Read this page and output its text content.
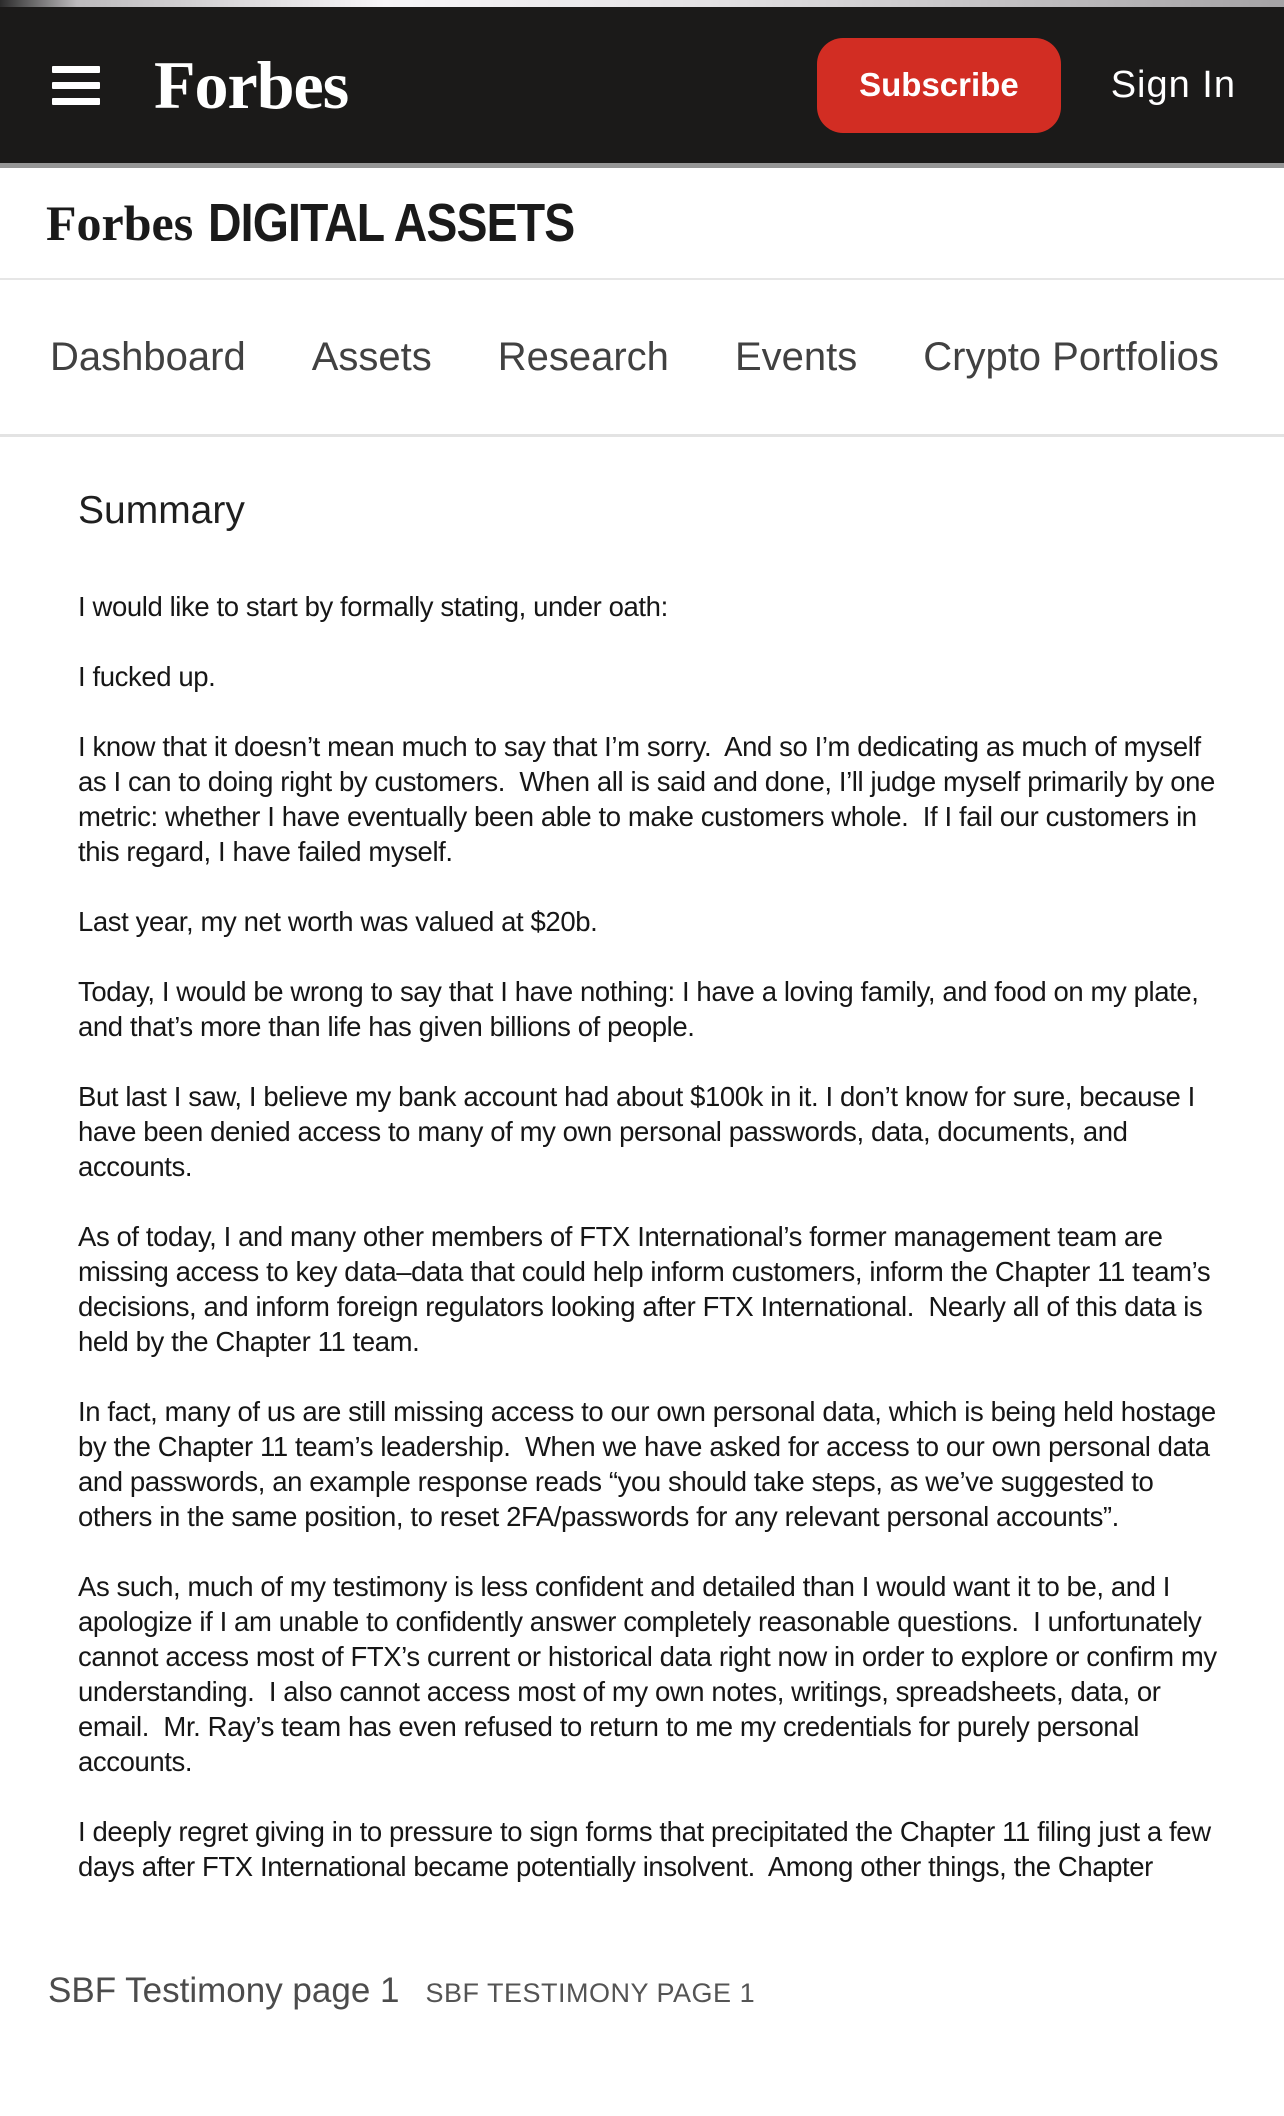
Forbes	Subscribe	Sign In
Forbes DIGITAL ASSETS
Dashboard Assets Research Events Crypto Portfolios
Summary

I would like to start by formally stating, under oath:

I fucked up.

I know that it doesn’t mean much to say that I’m sorry.  And so I’m dedicating as much of myself as I can to doing right by customers.  When all is said and done, I’ll judge myself primarily by one metric: whether I have eventually been able to make customers whole.  If I fail our customers in this regard, I have failed myself.

Last year, my net worth was valued at $20b.

Today, I would be wrong to say that I have nothing: I have a loving family, and food on my plate, and that’s more than life has given billions of people.

But last I saw, I believe my bank account had about $100k in it. I don’t know for sure, because I have been denied access to many of my own personal passwords, data, documents, and accounts.

As of today, I and many other members of FTX International’s former management team are missing access to key data–data that could help inform customers, inform the Chapter 11 team’s decisions, and inform foreign regulators looking after FTX International.  Nearly all of this data is held by the Chapter 11 team.

In fact, many of us are still missing access to our own personal data, which is being held hostage by the Chapter 11 team’s leadership.  When we have asked for access to our own personal data and passwords, an example response reads “you should take steps, as we’ve suggested to others in the same position, to reset 2FA/passwords for any relevant personal accounts”.

As such, much of my testimony is less confident and detailed than I would want it to be, and I apologize if I am unable to confidently answer completely reasonable questions.  I unfortunately cannot access most of FTX’s current or historical data right now in order to explore or confirm my understanding.  I also cannot access most of my own notes, writings, spreadsheets, data, or email.  Mr. Ray’s team has even refused to return to me my credentials for purely personal accounts.

I deeply regret giving in to pressure to sign forms that precipitated the Chapter 11 filing just a few days after FTX International became potentially insolvent.  Among other things, the Chapter

SBF Testimony page 1 SBF TESTIMONY PAGE 1
